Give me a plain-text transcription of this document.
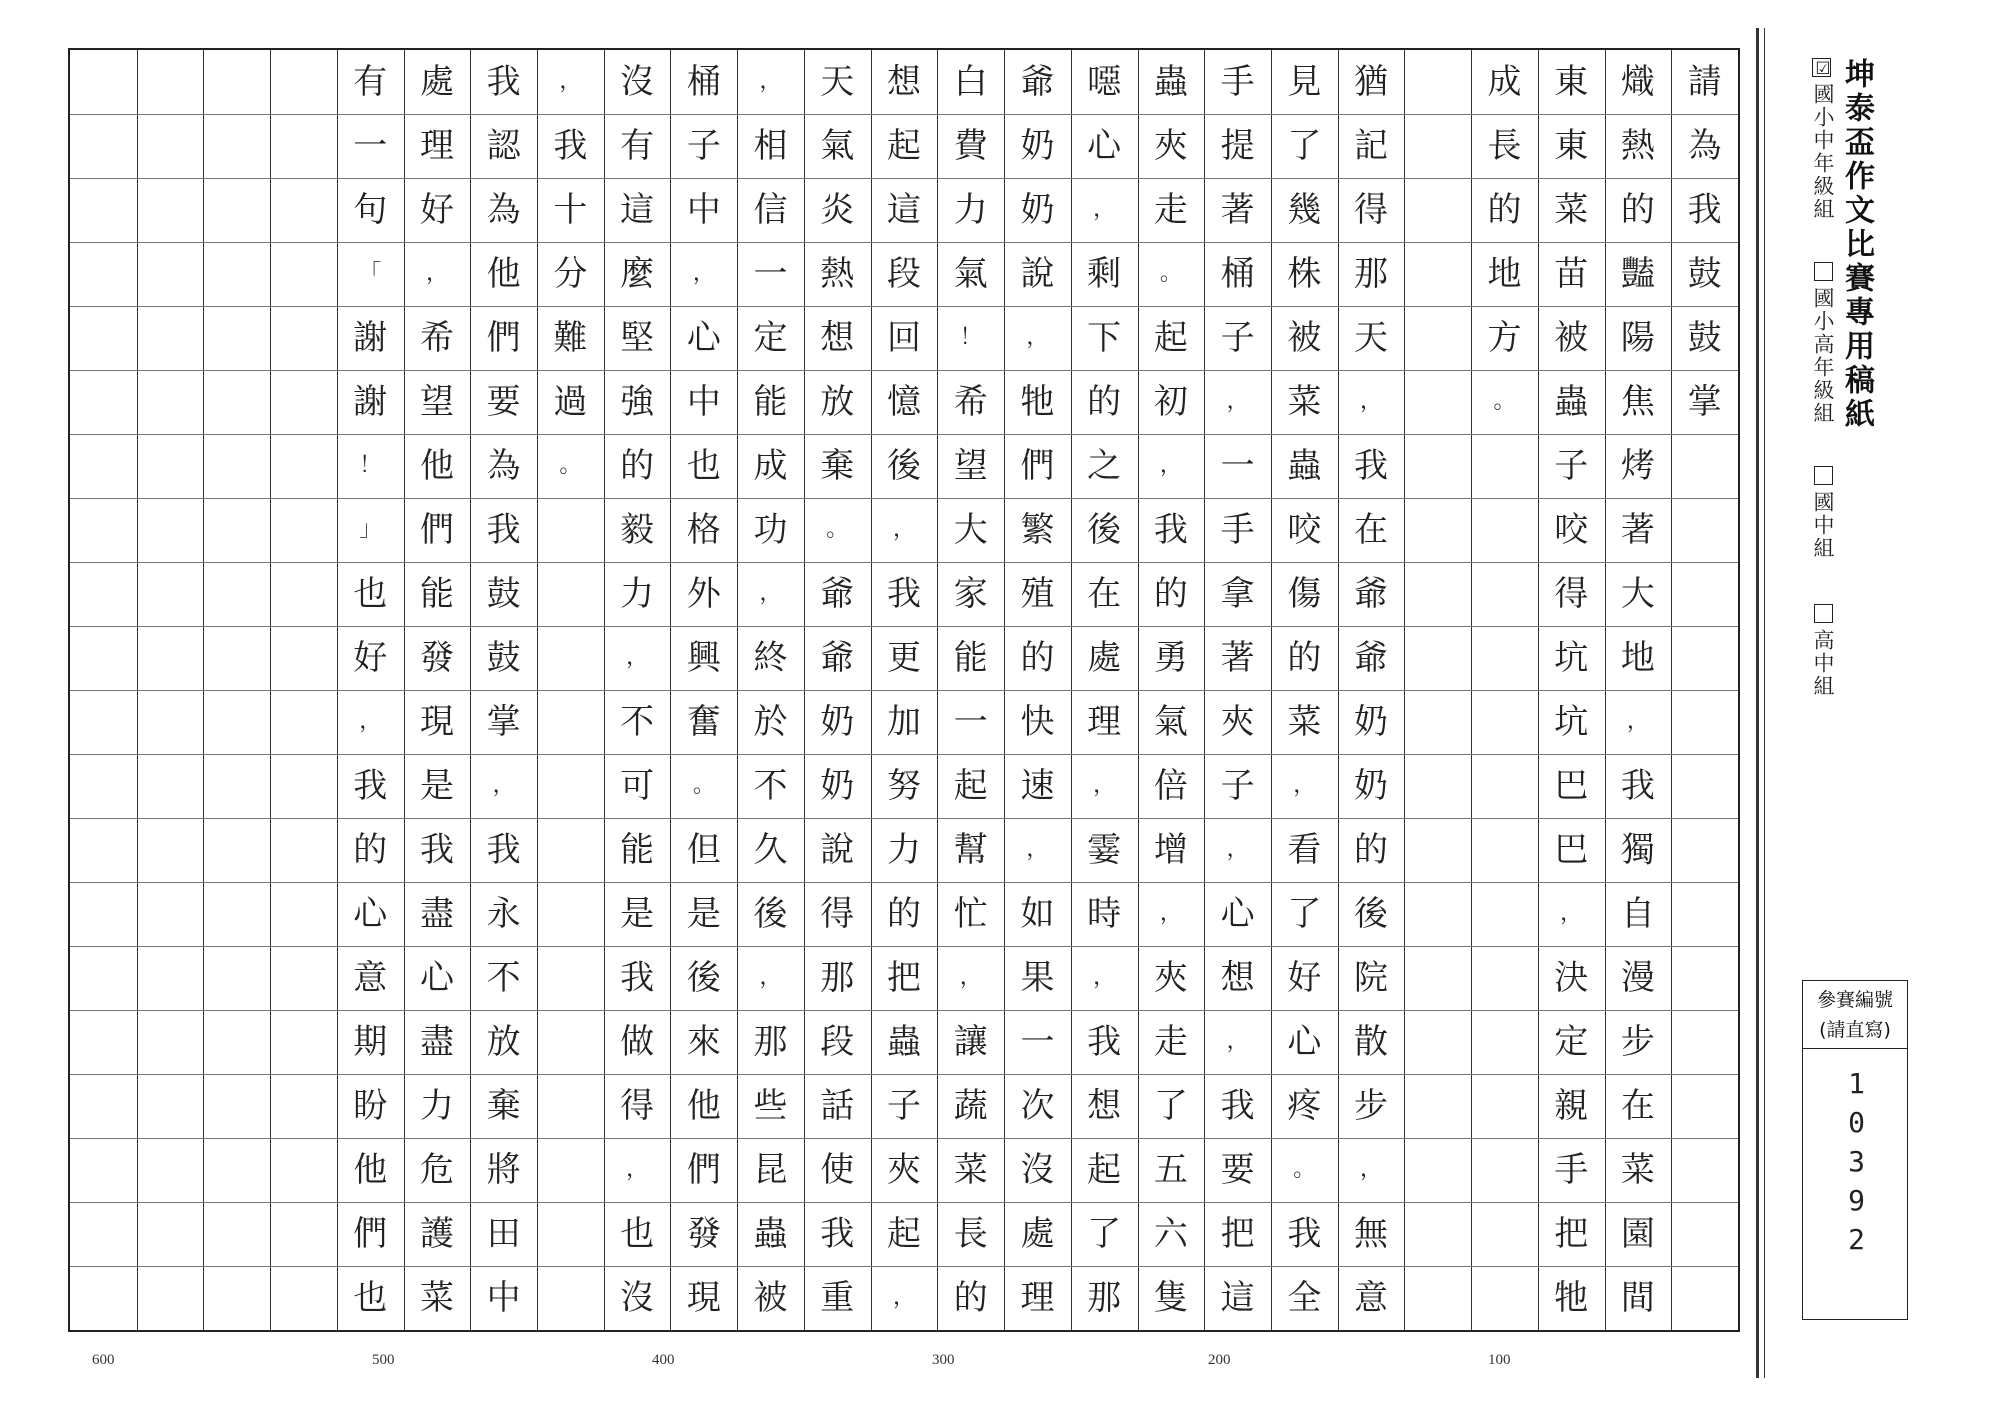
請
為
我
鼓
鼓
掌
熾
熱
的
豔
陽
焦
烤
著
大
地
，
我
獨
自
漫
步
在
菜
園
間
東
東
菜
苗
被
蟲
子
咬
得
坑
坑
巴
巴
，
決
定
親
手
把
牠
成
長
的
地
方
。
猶
記
得
那
天
，
我
在
爺
爺
奶
奶
的
後
院
散
步
，
無
意
見
了
幾
株
被
菜
蟲
咬
傷
的
菜
，
看
了
好
心
疼
。
我
全
手
提
著
桶
子
，
一
手
拿
著
夾
子
，
心
想
，
我
要
把
這
蟲
夾
走
。
起
初
，
我
的
勇
氣
倍
增
，
夾
走
了
五
六
隻
噁
心
，
剩
下
的
之
後
在
處
理
，
霎
時
，
我
想
起
了
那
爺
奶
奶
說
，
牠
們
繁
殖
的
快
速
，
如
果
一
次
沒
處
理
白
費
力
氣
！
希
望
大
家
能
一
起
幫
忙
，
讓
蔬
菜
長
的
想
起
這
段
回
憶
後
，
我
更
加
努
力
的
把
蟲
子
夾
起
，
天
氣
炎
熱
想
放
棄
。
爺
爺
奶
奶
說
得
那
段
話
使
我
重
，
相
信
一
定
能
成
功
，
終
於
不
久
後
，
那
些
昆
蟲
被
桶
子
中
，
心
中
也
格
外
興
奮
。
但
是
後
來
他
們
發
現
沒
有
這
麼
堅
強
的
毅
力
，
不
可
能
是
我
做
得
，
也
沒
，
我
十
分
難
過
。
我
認
為
他
們
要
為
我
鼓
鼓
掌
，
我
永
不
放
棄
將
田
中
處
理
好
，
希
望
他
們
能
發
現
是
我
盡
心
盡
力
危
護
菜
有
一
句
「
謝
謝
！
」
也
好
，
我
的
心
意
期
盼
他
們
也
100
200
300
400
500
600
坤泰盃作文比賽專用稿紙
☑國小中年級組
國小高年級組
國中組
高中組
參賽編號
(請直寫)
10392
